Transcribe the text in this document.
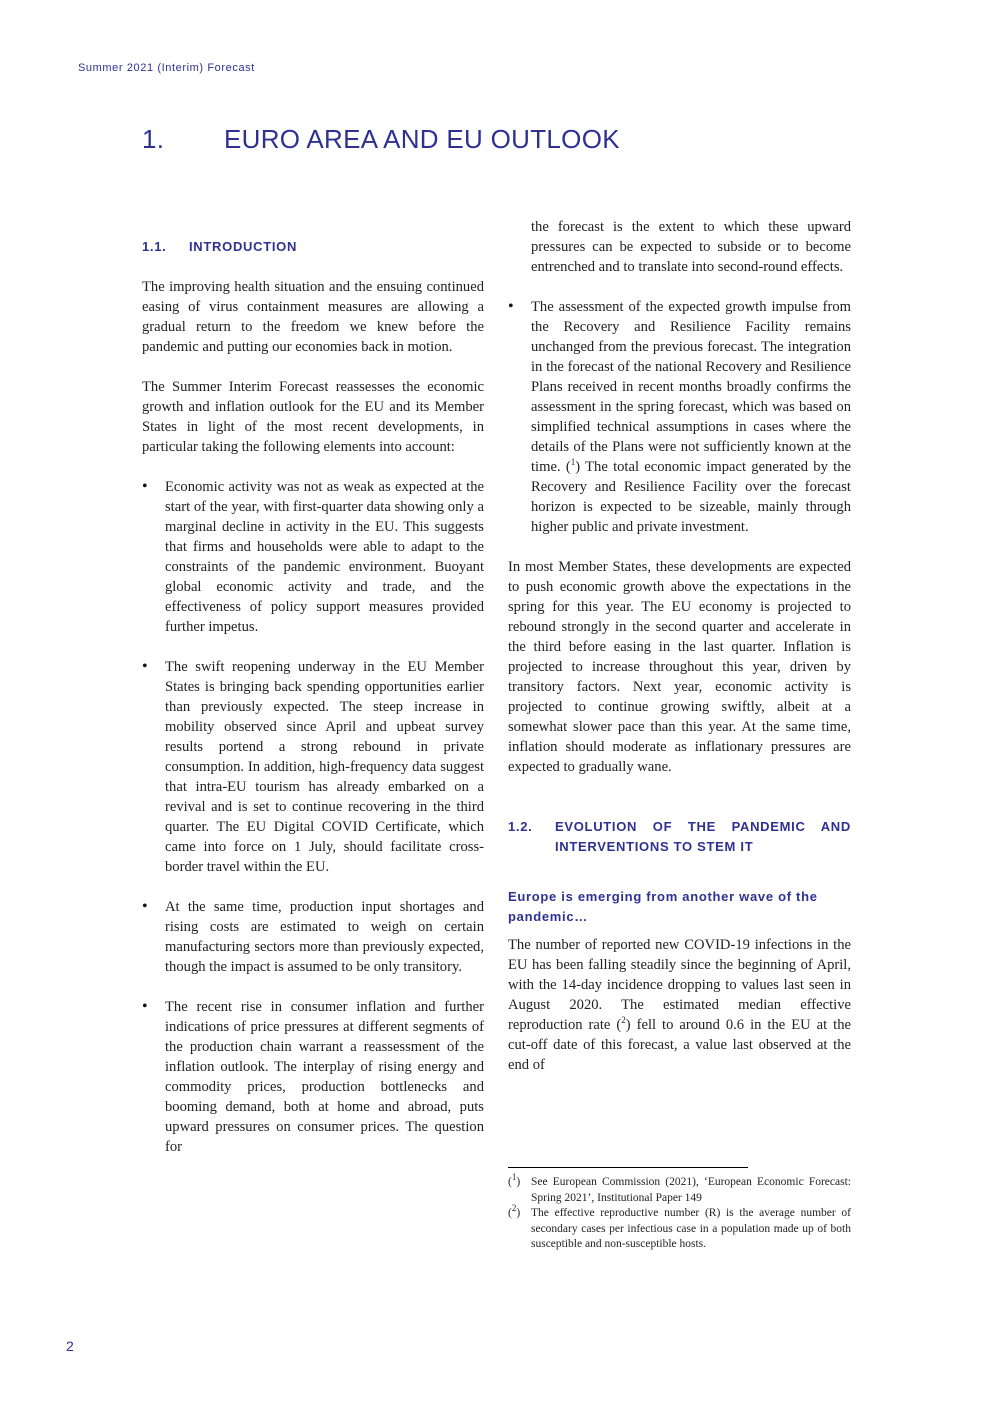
Summer 2021 (Interim) Forecast
1. EURO AREA AND EU OUTLOOK
1.1.	INTRODUCTION

The improving health situation and the ensuing continued easing of virus containment measures are allowing a gradual return to the freedom we knew before the pandemic and putting our economies back in motion.

The Summer Interim Forecast reassesses the economic growth and inflation outlook for the EU and its Member States in light of the most recent developments, in particular taking the following elements into account:

• Economic activity was not as weak as expected at the start of the year, with first-quarter data showing only a marginal decline in activity in the EU. This suggests that firms and households were able to adapt to the constraints of the pandemic environment. Buoyant global economic activity and trade, and the effectiveness of policy support measures provided further impetus.
• The swift reopening underway in the EU Member States is bringing back spending opportunities earlier than previously expected. The steep increase in mobility observed since April and upbeat survey results portend a strong rebound in private consumption. In addition, high-frequency data suggest that intra-EU tourism has already embarked on a revival and is set to continue recovering in the third quarter. The EU Digital COVID Certificate, which came into force on 1 July, should facilitate cross-border travel within the EU.
• At the same time, production input shortages and rising costs are estimated to weigh on certain manufacturing sectors more than previously expected, though the impact is assumed to be only transitory.
• The recent rise in consumer inflation and further indications of price pressures at different segments of the production chain warrant a reassessment of the inflation outlook. The interplay of rising energy and commodity prices, production bottlenecks and booming demand, both at home and abroad, puts upward pressures on consumer prices. The question for
the forecast is the extent to which these upward pressures can be expected to subside or to become entrenched and to translate into second-round effects.
• The assessment of the expected growth impulse from the Recovery and Resilience Facility remains unchanged from the previous forecast. The integration in the forecast of the national Recovery and Resilience Plans received in recent months broadly confirms the assessment in the spring forecast, which was based on simplified technical assumptions in cases where the details of the Plans were not sufficiently known at the time. ($^1$) The total economic impact generated by the Recovery and Resilience Facility over the forecast horizon is expected to be sizeable, mainly through higher public and private investment.

In most Member States, these developments are expected to push economic growth above the expectations in the spring for this year. The EU economy is projected to rebound strongly in the second quarter and accelerate in the third before easing in the last quarter. Inflation is projected to increase throughout this year, driven by transitory factors. Next year, economic activity is projected to continue growing swiftly, albeit at a somewhat slower pace than this year. At the same time, inflation should moderate as inflationary pressures are expected to gradually wane.

1.2.	EVOLUTION OF THE PANDEMIC AND INTERVENTIONS TO STEM IT

Europe is emerging from another wave of the pandemic…

The number of reported new COVID-19 infections in the EU has been falling steadily since the beginning of April, with the 14-day incidence dropping to values last seen in August 2020. The estimated median effective reproduction rate ($^2$) fell to around 0.6 in the EU at the cut-off date of this forecast, a value last observed at the end of

($^1$) See European Commission (2021), ‘European Economic Forecast: Spring 2021’, Institutional Paper 149
($^2$) The effective reproductive number (R) is the average number of secondary cases per infectious case in a population made up of both susceptible and non-susceptible hosts.
2
